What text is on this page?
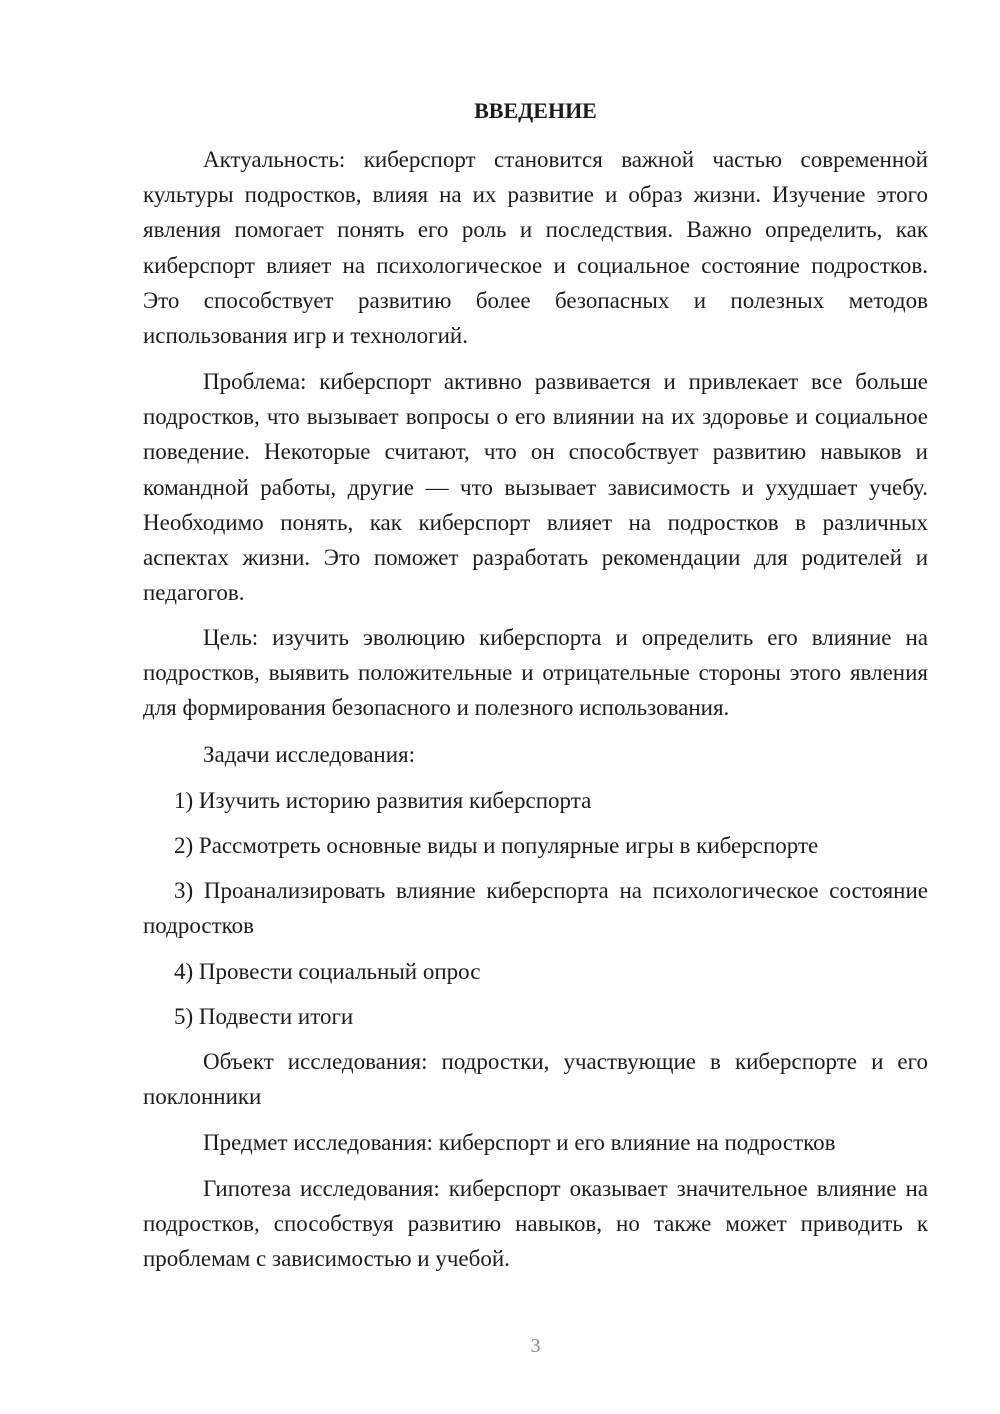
ВВЕДЕНИЕ

Актуальность: киберспорт становится важной частью современной культуры подростков, влияя на их развитие и образ жизни. Изучение этого явления помогает понять его роль и последствия. Важно определить, как киберспорт влияет на психологическое и социальное состояние подростков. Это способствует развитию более безопасных и полезных методов использования игр и технологий.

Проблема: киберспорт активно развивается и привлекает все больше подростков, что вызывает вопросы о его влиянии на их здоровье и социальное поведение. Некоторые считают, что он способствует развитию навыков и командной работы, другие — что вызывает зависимость и ухудшает учебу. Необходимо понять, как киберспорт влияет на подростков в различных аспектах жизни. Это поможет разработать рекомендации для родителей и педагогов.

Цель: изучить эволюцию киберспорта и определить его влияние на подростков, выявить положительные и отрицательные стороны этого явления для формирования безопасного и полезного использования.

Задачи исследования:

1) Изучить историю развития киберспорта

2) Рассмотреть основные виды и популярные игры в киберспорте

3) Проанализировать влияние киберспорта на психологическое состояние подростков

4) Провести социальный опрос

5) Подвести итоги

Объект исследования: подростки, участвующие в киберспорте и его поклонники

Предмет исследования: киберспорт и его влияние на подростков

Гипотеза исследования: киберспорт оказывает значительное влияние на подростков, способствуя развитию навыков, но также может приводить к проблемам с зависимостью и учебой.

3
